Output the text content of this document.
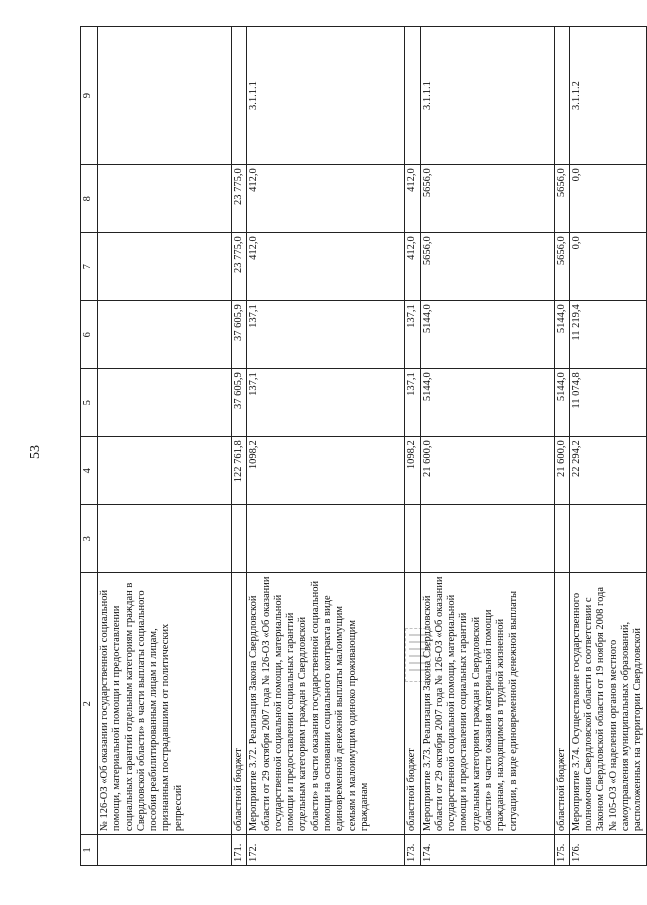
53
1	2	3	4	5	6	7	8	9
	№ 126-ОЗ «Об оказании государственной социальной помощи, материальной помощи и предоставлении социальных гарантий отдельным категориям граждан в Свердловской области» в части выплаты социального пособия реабилитированным лицам и лицам, признанным пострадавшими от политических репрессий							
171.	областной бюджет		122 761,8	37 605,9	37 605,9	23 775,0	23 775,0	
172.	Мероприятие 3.72. Реализация Закона Свердловской области от 29 октября 2007 года № 126-ОЗ «Об оказании государственной социальной помощи, материальной помощи и предоставлении социальных гарантий отдельным категориям граждан в Свердловской области» в части оказания государственной социальной помощи на основании социального контракта в виде единовременной денежной выплаты малоимущим семьям и малоимущим одиноко проживающим гражданам		1098,2	137,1	137,1	412,0	412,0	3.1.1.1
173.	областной бюджет		1098,2	137,1	137,1	412,0	412,0	
174.	Мероприятие 3.73. Реализация Закона Свердловской области от 29 октября 2007 года № 126-ОЗ «Об оказании государственной социальной помощи, материальной помощи и предоставлении социальных гарантий отдельным категориям граждан в Свердловской области» в части оказания материальной помощи гражданам, находящимся в трудной жизненной ситуации, в виде единовременной денежной выплаты		21 600,0	5144,0	5144,0	5656,0	5656,0	3.1.1.1
175.	областной бюджет		21 600,0	5144,0	5144,0	5656,0	5656,0	
176.	Мероприятие 3.74. Осуществление государственного полномочия Свердловской области в соответствии с Законом Свердловской области от 19 ноября 2008 года № 105-ОЗ «О наделении органов местного самоуправления муниципальных образований, расположенных на территории Свердловской		22 294,2	11 074,8	11 219,4	0,0	0,0	3.1.1.2
